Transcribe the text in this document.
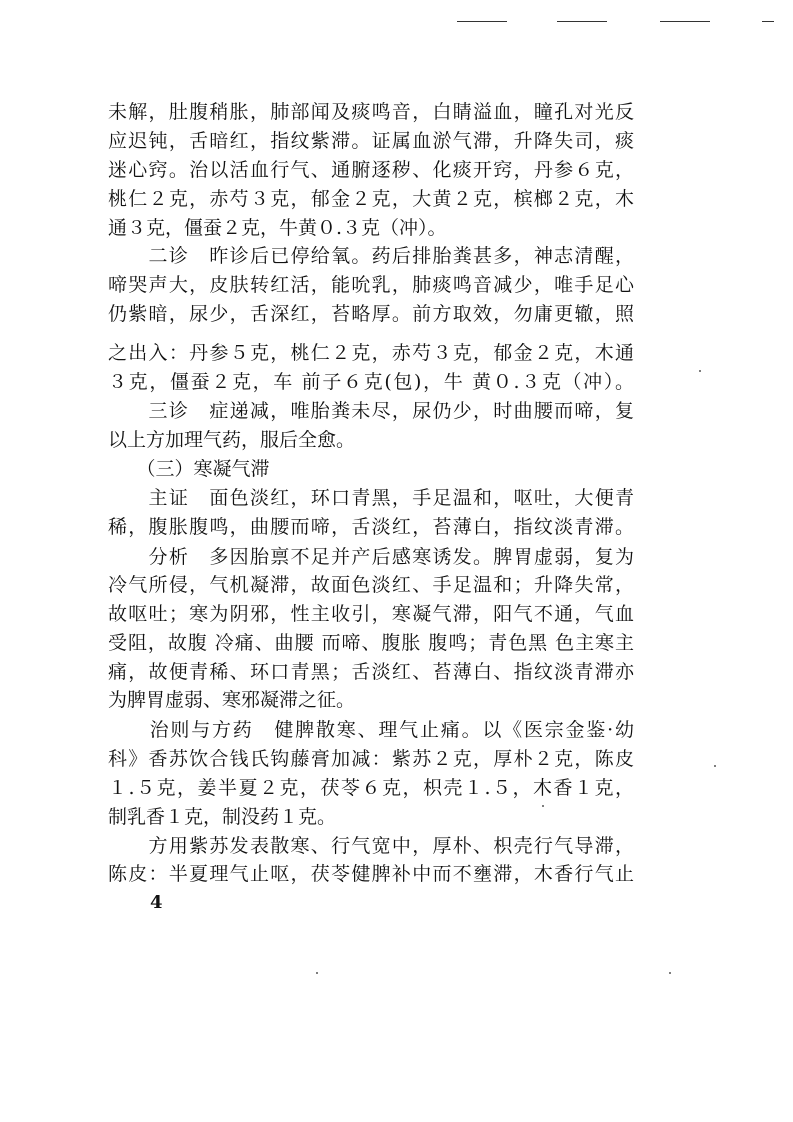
未解，肚腹稍胀，肺部闻及痰鸣音，白睛溢血，瞳孔对光反
应迟钝，舌暗红，指纹紫滞。证属血淤气滞，升降失司，痰
迷心窍。治以活血行气、通腑逐秽、化痰开窍，丹参６克，
桃仁２克，赤芍３克，郁金２克，大黄２克，槟榔２克，木
通３克，僵蚕２克，牛黄０.３克（冲）。
　　二诊　昨诊后已停给氧。药后排胎粪甚多，神志清醒，
啼哭声大，皮肤转红活，能吮乳，肺痰鸣音减少，唯手足心
仍紫暗，尿少，舌深红，苔略厚。前方取效，勿庸更辙，照
之出入：丹参５克，桃仁２克，赤芍３克，郁金２克，木通
３克，僵蚕２克，车 前子６克(包)，牛 黄０.３克（冲）。
　　三诊　症递减，唯胎粪未尽，尿仍少，时曲腰而啼，复
以上方加理气药，服后全愈。
　　（三）寒凝气滞
　　主证　面色淡红，环口青黑，手足温和，呕吐，大便青
稀，腹胀腹鸣，曲腰而啼，舌淡红，苔薄白，指纹淡青滞。
　　分析　多因胎禀不足并产后感寒诱发。脾胃虚弱，复为
冷气所侵，气机凝滞，故面色淡红、手足温和；升降失常，
故呕吐；寒为阴邪，性主收引，寒凝气滞，阳气不通，气血
受阻，故腹 冷痛、曲腰 而啼、腹胀 腹鸣；青色黑 色主寒主
痛，故便青稀、环口青黑；舌淡红、苔薄白、指纹淡青滞亦
为脾胃虚弱、寒邪凝滞之征。
　　治则与方药　健脾散寒、理气止痛。以《医宗金鉴·幼
科》香苏饮合钱氏钩藤膏加减：紫苏２克，厚朴２克，陈皮
１.５克，姜半夏２克，茯苓６克，枳壳１.５，木香１克，
制乳香１克，制没药１克。
　　方用紫苏发表散寒、行气宽中，厚朴、枳壳行气导滞，
陈皮：半夏理气止呕，茯苓健脾补中而不壅滞，木香行气止
4
